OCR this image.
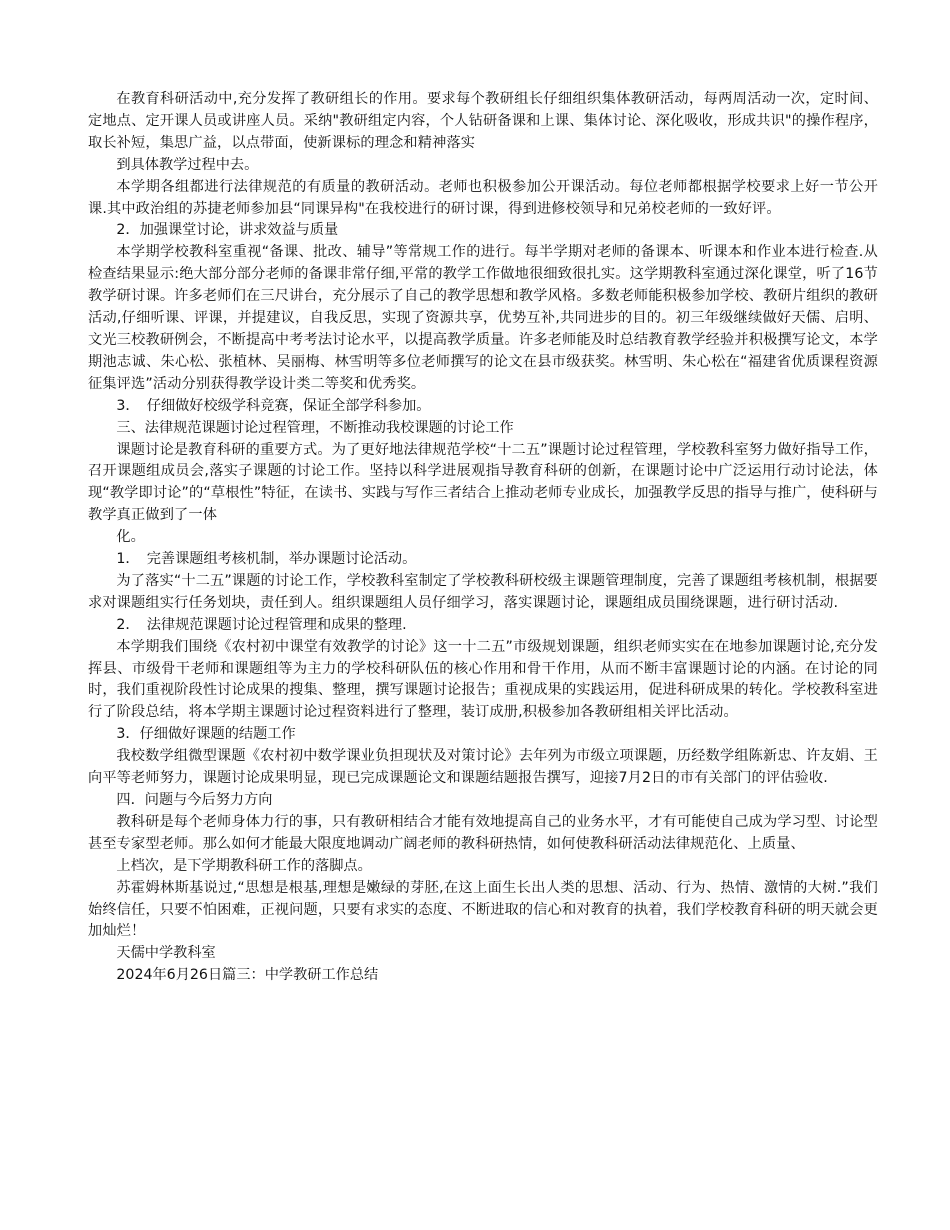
在教育科研活动中,充分发挥了教研组长的作用。要求每个教研组长仔细组织集体教研活动，每两周活动一次，定时间、定地点、定开课人员或讲座人员。采纳"教研组定内容，个人钻研备课和上课、集体讨论、深化吸收，形成共识"的操作程序，取长补短，集思广益，以点带面，使新课标的理念和精神落实

到具体教学过程中去。

本学期各组都进行法律规范的有质量的教研活动。老师也积极参加公开课活动。每位老师都根据学校要求上好一节公开课.其中政治组的苏捷老师参加县“同课异构"在我校进行的研讨课，得到进修校领导和兄弟校老师的一致好评。

2．加强课堂讨论，讲求效益与质量

本学期学校教科室重视“备课、批改、辅导”等常规工作的进行。每半学期对老师的备课本、听课本和作业本进行检查.从检查结果显示:绝大部分部分老师的备课非常仔细,平常的教学工作做地很细致很扎实。这学期教科室通过深化课堂，听了16节教学研讨课。许多老师们在三尺讲台，充分展示了自己的教学思想和教学风格。多数老师能积极参加学校、教研片组织的教研活动,仔细听课、评课，并提建议，自我反思，实现了资源共享，优势互补,共同进步的目的。初三年级继续做好天儒、启明、文光三校教研例会，不断提高中考考法讨论水平，以提高教学质量。许多老师能及时总结教育教学经验并积极撰写论文，本学期池志诚、朱心松、张植林、吴丽梅、林雪明等多位老师撰写的论文在县市级获奖。林雪明、朱心松在“福建省优质课程资源征集评选”活动分别获得教学设计类二等奖和优秀奖。

3．　仔细做好校级学科竞赛，保证全部学科参加。

三、法律规范课题讨论过程管理，不断推动我校课题的讨论工作

课题讨论是教育科研的重要方式。为了更好地法律规范学校“十二五”课题讨论过程管理，学校教科室努力做好指导工作，召开课题组成员会,落实子课题的讨论工作。坚持以科学进展观指导教育科研的创新，在课题讨论中广泛运用行动讨论法，体现“教学即讨论”的“草根性”特征，在读书、实践与写作三者结合上推动老师专业成长，加强教学反思的指导与推广，使科研与教学真正做到了一体

化。

1．　完善课题组考核机制，举办课题讨论活动。

为了落实“十二五”课题的讨论工作，学校教科室制定了学校教科研校级主课题管理制度，完善了课题组考核机制，根据要求对课题组实行任务划块，责任到人。组织课题组人员仔细学习，落实课题讨论，课题组成员围绕课题，进行研讨活动.

2．　法律规范课题讨论过程管理和成果的整理.

本学期我们围绕《农村初中课堂有效教学的讨论》这一十二五”市级规划课题，组织老师实实在在地参加课题讨论,充分发挥县、市级骨干老师和课题组等为主力的学校科研队伍的核心作用和骨干作用，从而不断丰富课题讨论的内涵。在讨论的同时，我们重视阶段性讨论成果的搜集、整理，撰写课题讨论报告；重视成果的实践运用，促进科研成果的转化。学校教科室进行了阶段总结，将本学期主课题讨论过程资料进行了整理，装订成册,积极参加各教研组相关评比活动。

3．仔细做好课题的结题工作

我校数学组微型课题《农村初中数学课业负担现状及对策讨论》去年列为市级立项课题，历经数学组陈新忠、许友娟、王向平等老师努力，课题讨论成果明显，现已完成课题论文和课题结题报告撰写，迎接7月2日的市有关部门的评估验收.

四．问题与今后努力方向

教科研是每个老师身体力行的事，只有教研相结合才能有效地提高自己的业务水平，才有可能使自己成为学习型、讨论型甚至专家型老师。那么如何才能最大限度地调动广阔老师的教科研热情，如何使教科研活动法律规范化、上质量、

上档次，是下学期教科研工作的落脚点。

苏霍姆林斯基说过,“思想是根基,理想是嫩绿的芽胚,在这上面生长出人类的思想、活动、行为、热情、激情的大树.”我们始终信任，只要不怕困难，正视问题，只要有求实的态度、不断进取的信心和对教育的执着，我们学校教育科研的明天就会更加灿烂！

天儒中学教科室

2024年6月26日篇三：中学教研工作总结
